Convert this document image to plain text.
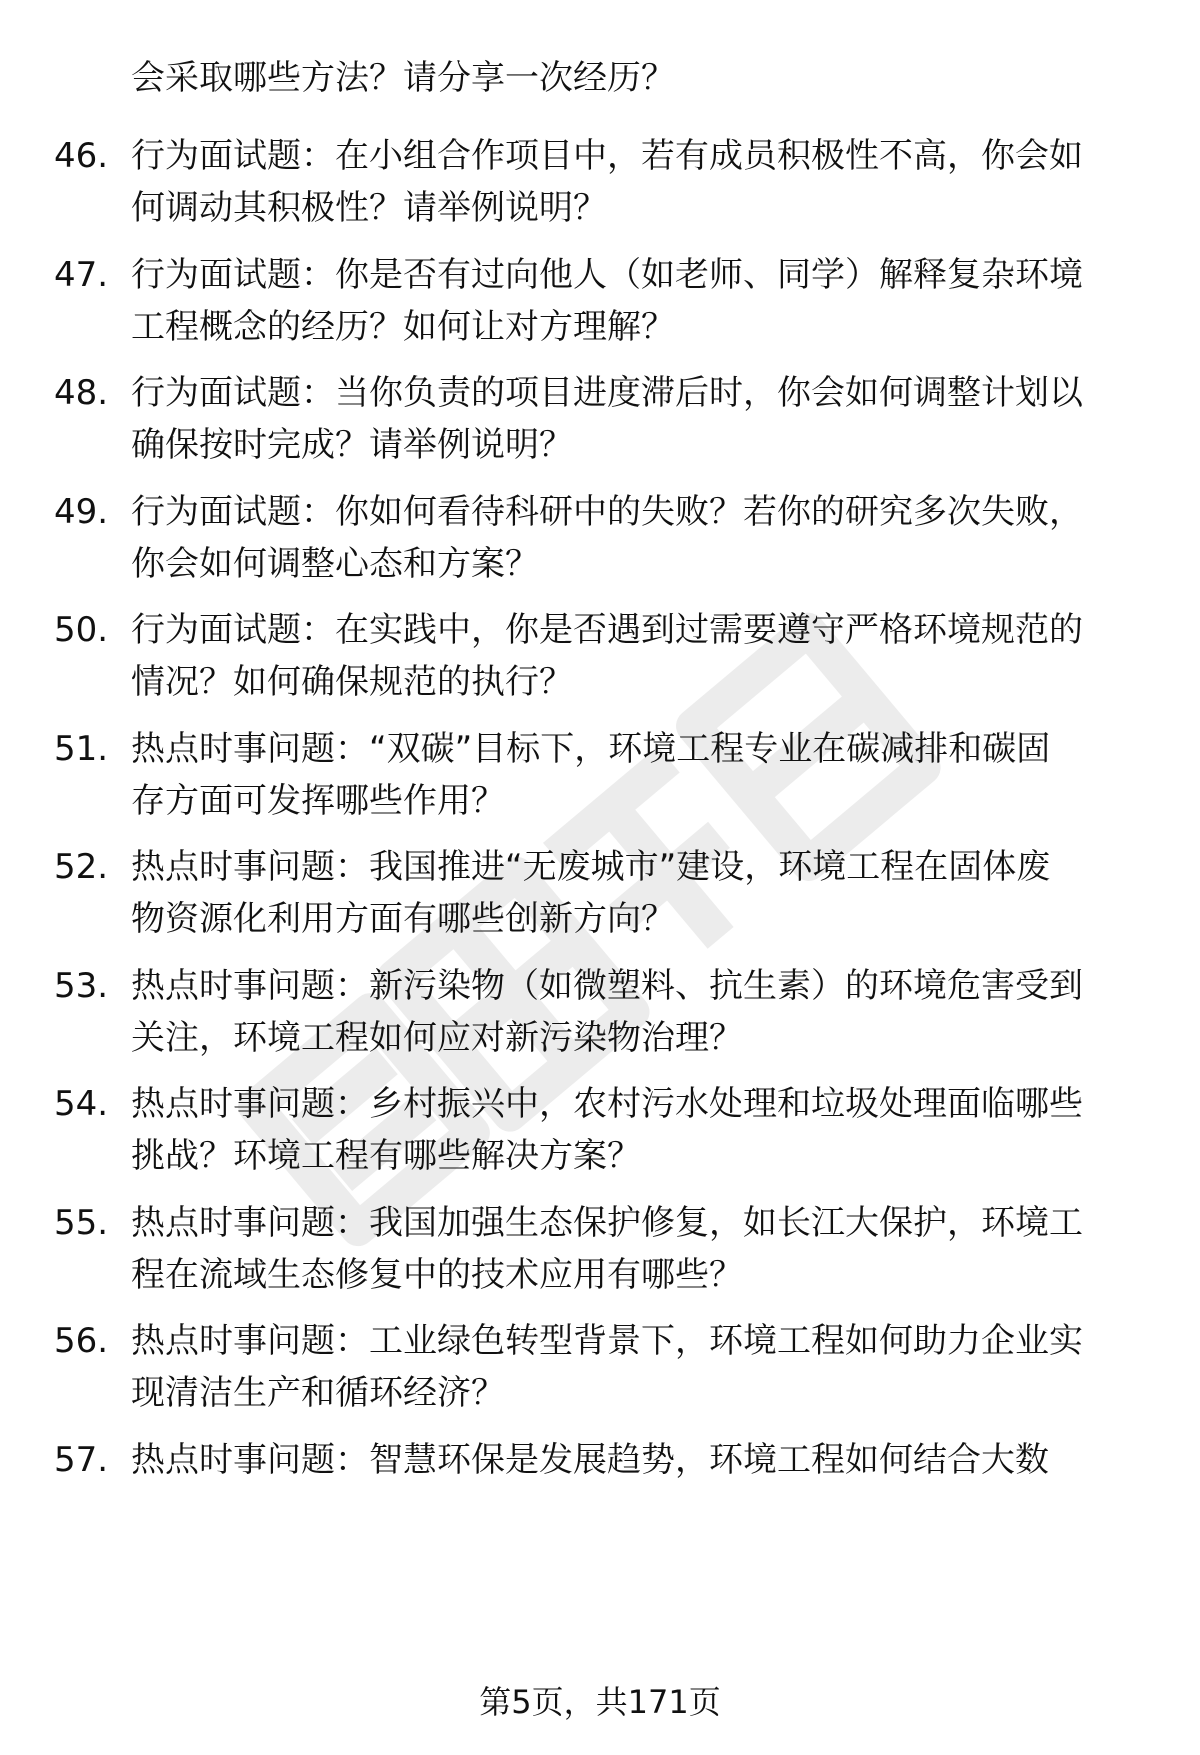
会采取哪些方法？请分享一次经历？
46. 行为面试题：在小组合作项目中，若有成员积极性不高，你会如
何调动其积极性？请举例说明？
47. 行为面试题：你是否有过向他人（如老师、同学）解释复杂环境
工程概念的经历？如何让对方理解？
48. 行为面试题：当你负责的项目进度滞后时，你会如何调整计划以
确保按时完成？请举例说明？
49. 行为面试题：你如何看待科研中的失败？若你的研究多次失败，
你会如何调整心态和方案？
50. 行为面试题：在实践中，你是否遇到过需要遵守严格环境规范的
情况？如何确保规范的执行？
51. 热点时事问题：“双碳”目标下，环境工程专业在碳减排和碳固
存方面可发挥哪些作用？
52. 热点时事问题：我国推进“无废城市”建设，环境工程在固体废
物资源化利用方面有哪些创新方向？
53. 热点时事问题：新污染物（如微塑料、抗生素）的环境危害受到
关注，环境工程如何应对新污染物治理？
54. 热点时事问题：乡村振兴中，农村污水处理和垃圾处理面临哪些
挑战？环境工程有哪些解决方案？
55. 热点时事问题：我国加强生态保护修复，如长江大保护，环境工
程在流域生态修复中的技术应用有哪些？
56. 热点时事问题：工业绿色转型背景下，环境工程如何助力企业实
现清洁生产和循环经济？
57. 热点时事问题：智慧环保是发展趋势，环境工程如何结合大数
第5页，共171页
